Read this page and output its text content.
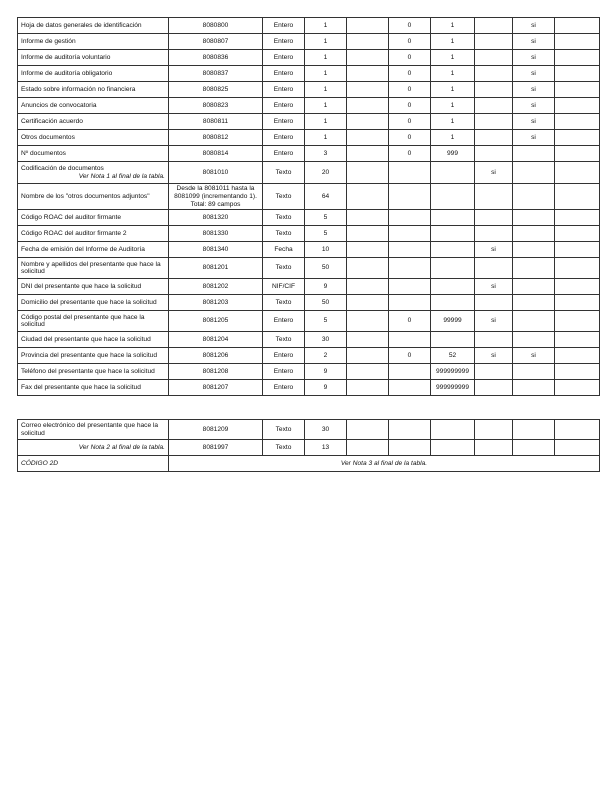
Hoja de datos generales de identificación	8080800	Entero	1		0	1		si	
Informe de gestión	8080807	Entero	1		0	1		si	
Informe de auditoría voluntario	8080836	Entero	1		0	1		si	
Informe de auditoría obligatorio	8080837	Entero	1		0	1		si	
Estado sobre información no financiera	8080825	Entero	1		0	1		si	
Anuncios de convocatoria	8080823	Entero	1		0	1		si	
Certificación acuerdo	8080811	Entero	1		0	1		si	
Otros documentos	8080812	Entero	1		0	1		si	
Nº documentos	8080814	Entero	3		0	999			
Codificación de documentos
Ver Nota 1 al final de la tabla.	8081010	Texto	20				si		
Nombre de los "otros documentos adjuntos"	Desde la 8081011 hasta la 8081099 (incrementando 1). Total: 89 campos	Texto	64						
Código ROAC del auditor firmante	8081320	Texto	5						
Código ROAC del auditor firmante 2	8081330	Texto	5						
Fecha de emisión del Informe de Auditoría	8081340	Fecha	10				si		
Nombre y apellidos del presentante que hace la solicitud	8081201	Texto	50						
DNI del presentante que hace la solicitud	8081202	NIF/CIF	9				si		
Domicilio del presentante que hace la solicitud	8081203	Texto	50						
Código postal del presentante que hace la solicitud	8081205	Entero	5		0	99999	si		
Ciudad del presentante que hace la solicitud	8081204	Texto	30						
Provincia del presentante que hace la solicitud	8081206	Entero	2		0	52	si	si	
Teléfono del presentante que hace la solicitud	8081208	Entero	9			999999999			
Fax del presentante que hace la solicitud	8081207	Entero	9			999999999			
Correo electrónico del presentante que hace la solicitud	8081209	Texto	30						

Ver Nota 2 al final de la tabla.	8081997	Texto	13						
CÓDIGO 2D	Ver Nota 3 al final de la tabla.								
